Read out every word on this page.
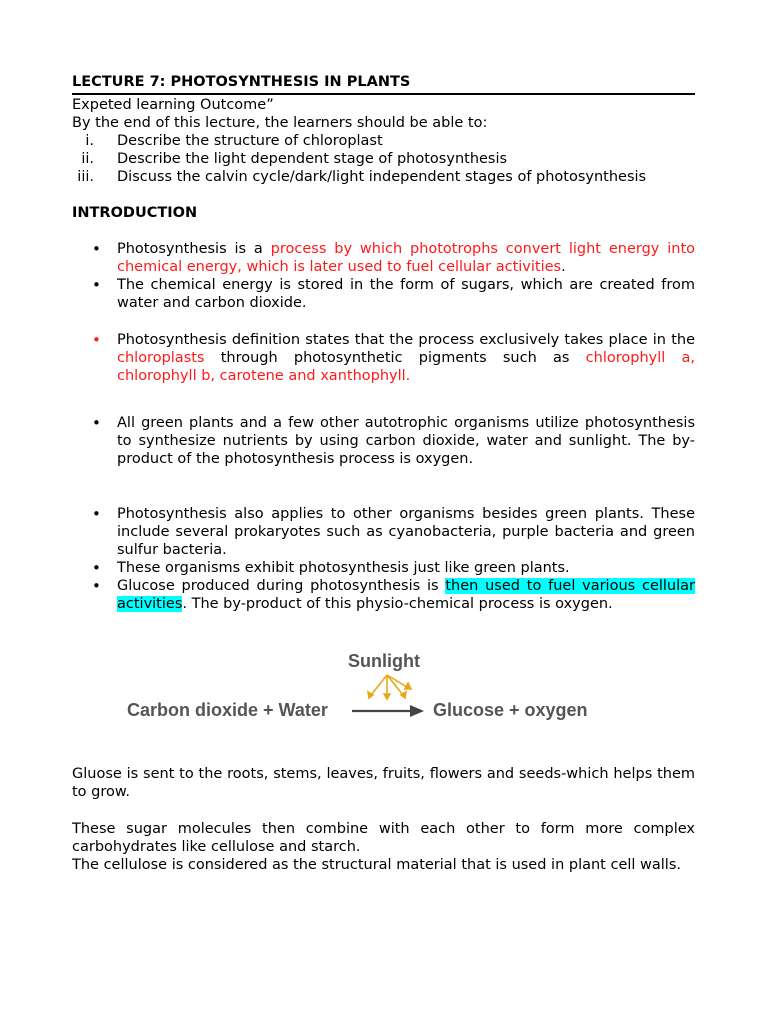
LECTURE 7: PHOTOSYNTHESIS IN PLANTS
Expeted learning Outcome”
By the end of this lecture, the learners should be able to:
i. Describe the structure of chloroplast
ii. Describe the light dependent stage of photosynthesis
iii. Discuss the calvin cycle/dark/light independent stages of photosynthesis
INTRODUCTION
• Photosynthesis is a process by which phototrophs convert light energy into chemical energy, which is later used to fuel cellular activities.
• The chemical energy is stored in the form of sugars, which are created from water and carbon dioxide.
• Photosynthesis definition states that the process exclusively takes place in the chloroplasts through photosynthetic pigments such as chlorophyll a, chlorophyll b, carotene and xanthophyll.
• All green plants and a few other autotrophic organisms utilize photosynthesis to synthesize nutrients by using carbon dioxide, water and sunlight. The by-product of the photosynthesis process is oxygen.
• Photosynthesis also applies to other organisms besides green plants. These include several prokaryotes such as cyanobacteria, purple bacteria and green sulfur bacteria.
• These organisms exhibit photosynthesis just like green plants.
• Glucose produced during photosynthesis is then used to fuel various cellular activities. The by-product of this physio-chemical process is oxygen.
Sunlight
Carbon dioxide + Water	Glucose + oxygen
Gluose is sent to the roots, stems, leaves, fruits, flowers and seeds-which helps them to grow.
These sugar molecules then combine with each other to form more complex carbohydrates like cellulose and starch.
The cellulose is considered as the structural material that is used in plant cell walls.
